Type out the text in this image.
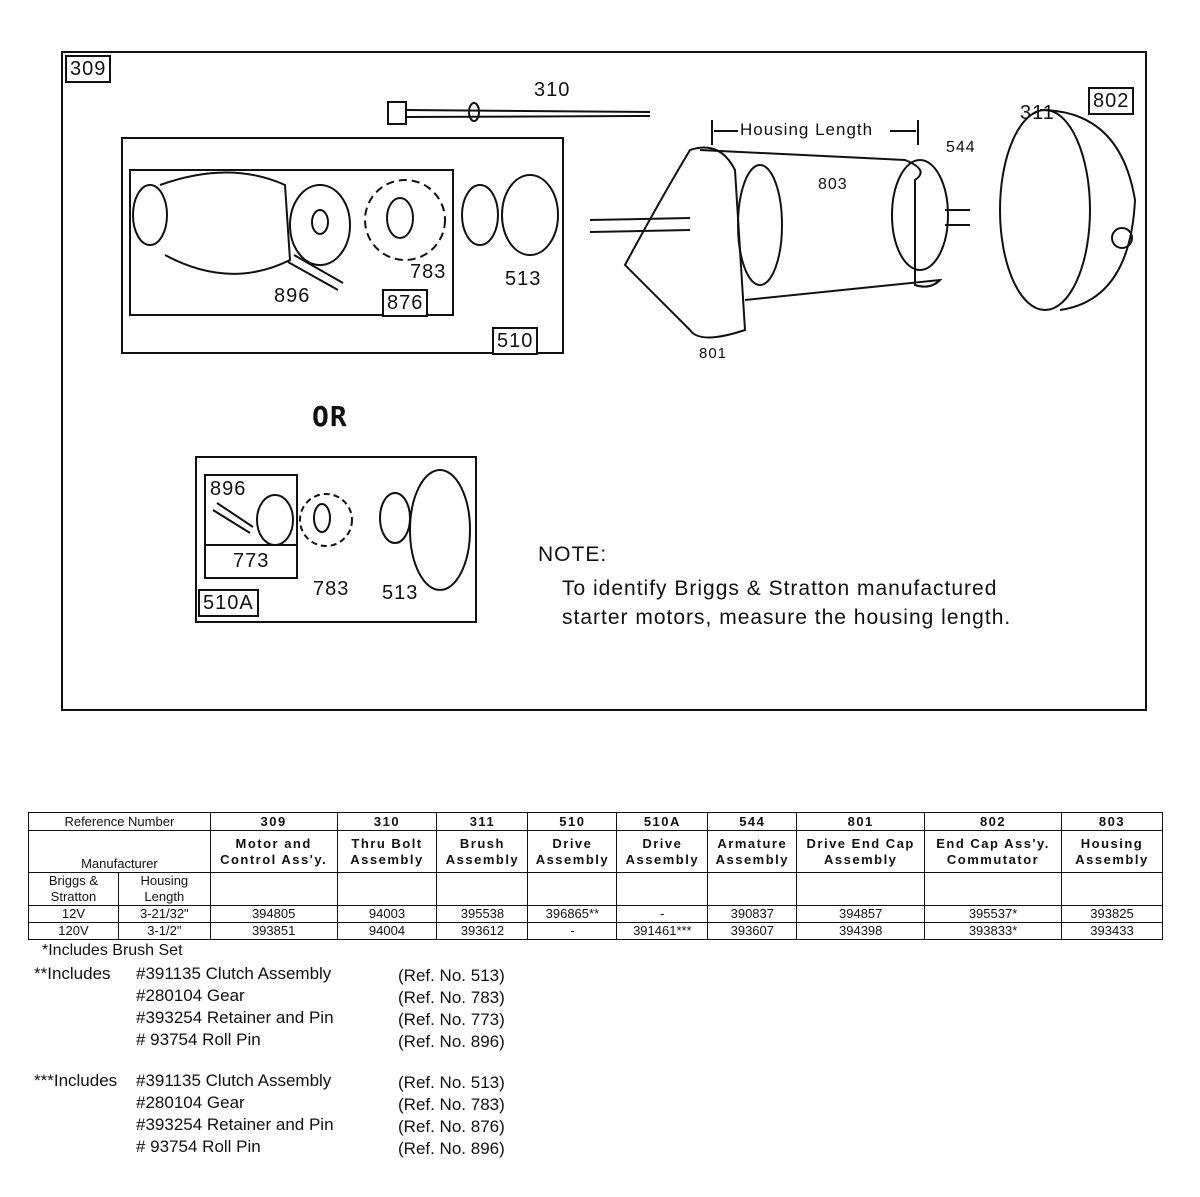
309
310
Housing Length
544
803
311
802
801
896	876
783	513
510
OR
896
773
783 513
510A
NOTE:
To identify Briggs & Stratton manufactured
starter motors, measure the housing length.
Reference Number		309	310	311	510	510A	544	801	802	803
Manufacturer		Motor and Control Ass'y.	Thru Bolt Assembly	Brush Assembly	Drive Assembly	Drive Assembly	Armature Assembly	Drive End Cap Assembly	End Cap Ass'y. Commutator	Housing Assembly
Briggs & Stratton	Housing Length									
12V	3-21/32"	394805	94003	395538	396865**	-	390837	394857	395537*	393825
120V	3-1/2"	393851	94004	393612	-	391461***	393607	394398	393833*	393433
*Includes Brush Set
**Includes #391135 Clutch Assembly	(Ref. No. 513)
#280104 Gear	(Ref. No. 783)
#393254 Retainer and Pin	(Ref. No. 773)
# 93754 Roll Pin	(Ref. No. 896)
***Includes #391135 Clutch Assembly	(Ref. No. 513)
#280104 Gear	(Ref. No. 783)
#393254 Retainer and Pin	(Ref. No. 876)
# 93754 Roll Pin	(Ref. No. 896)
